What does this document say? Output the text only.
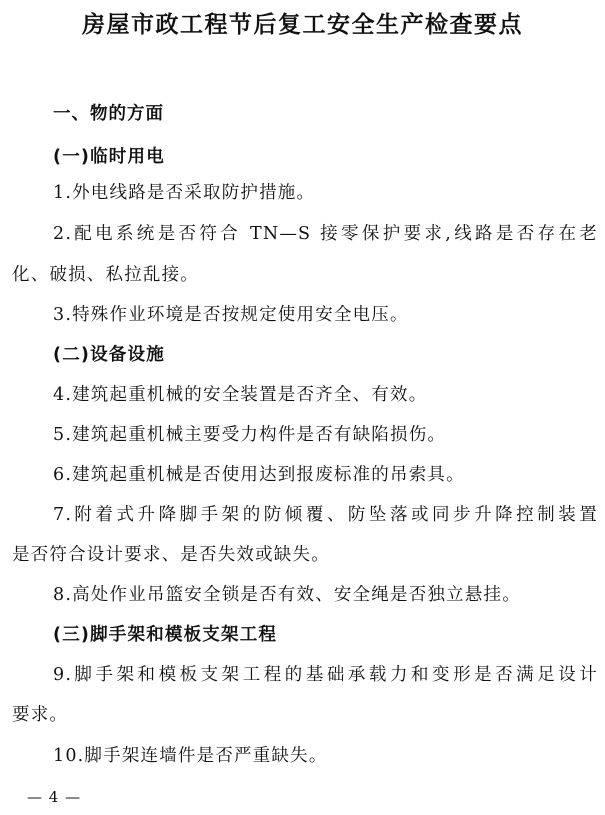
房屋市政工程节后复工安全生产检查要点
一、物的方面
(一)临时用电
1.外电线路是否采取防护措施。
2.配电系统是否符合 TN—S 接零保护要求,线路是否存在老
化、破损、私拉乱接。
3.特殊作业环境是否按规定使用安全电压。
(二)设备设施
4.建筑起重机械的安全装置是否齐全、有效。
5.建筑起重机械主要受力构件是否有缺陷损伤。
6.建筑起重机械是否使用达到报废标准的吊索具。
7.附着式升降脚手架的防倾覆、防坠落或同步升降控制装置
是否符合设计要求、是否失效或缺失。
8.高处作业吊篮安全锁是否有效、安全绳是否独立悬挂。
(三)脚手架和模板支架工程
9.脚手架和模板支架工程的基础承载力和变形是否满足设计
要求。
10.脚手架连墙件是否严重缺失。
— 4 —
